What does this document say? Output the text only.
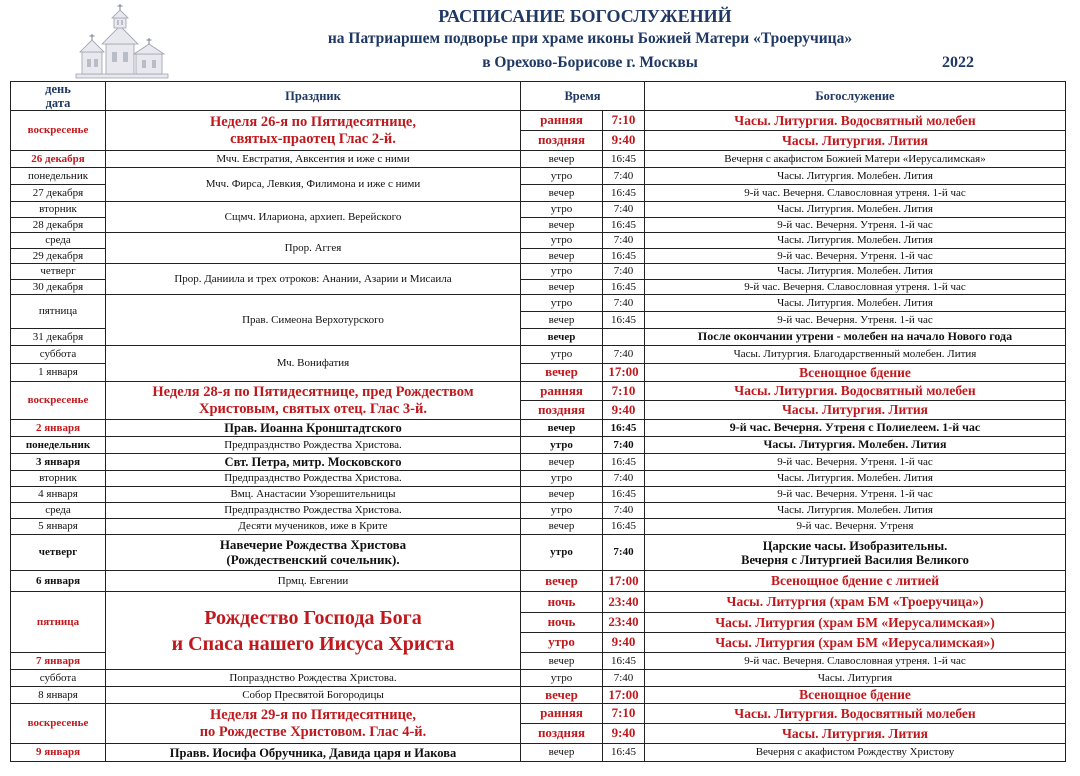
РАСПИСАНИЕ БОГОСЛУЖЕНИЙ
на Патриаршем подворье при храме иконы Божией Матери «Троеручица»
в Орехово-Борисове г. Москвы	2022
день
дата	Праздник	Время		Богослужение
воскресенье	Неделя 26-я по Пятидесятнице,
святых-праотец Глас 2-й.	ранняя	7:10	Часы. Литургия. Водосвятный молебен
		поздняя	9:40	Часы. Литургия. Лития
26 декабря	Мчч. Евстратия, Авксентия и иже с ними	вечер	16:45	Вечерня с акафистом Божией Матери «Иерусалимская»
понедельник	Мчч. Фирса, Левкия, Филимона и иже с ними	утро	7:40	Часы. Литургия. Молебен. Лития
27 декабря		вечер	16:45	9-й час. Вечерня. Славословная утреня. 1-й час
вторник	Сщмч. Илариона, архиеп. Верейского	утро	7:40	Часы. Литургия. Молебен. Лития
28 декабря		вечер	16:45	9-й час. Вечерня. Утреня. 1-й час
среда	Прор. Аггея	утро	7:40	Часы. Литургия. Молебен. Лития
29 декабря		вечер	16:45	9-й час. Вечерня. Утреня. 1-й час
четверг	Прор. Даниила и трех отроков: Анании, Азарии и Мисаила	утро	7:40	Часы. Литургия. Молебен. Лития
30 декабря		вечер	16:45	9-й час. Вечерня. Славословная утреня. 1-й час
пятница	Прав. Симеона Верхотурского	утро	7:40	Часы. Литургия. Молебен. Лития
		вечер	16:45	9-й час. Вечерня. Утреня. 1-й час
31 декабря		вечер		После окончании утрени - молебен на начало Нового года
суббота	Мч. Вонифатия	утро	7:40	Часы. Литургия. Благодарственный молебен. Лития
1 января		вечер	17:00	Всенощное бдение
воскресенье	Неделя 28-я по Пятидесятнице, пред Рождеством
Христовым, святых отец. Глас 3-й.	ранняя	7:10	Часы. Литургия. Водосвятный молебен
		поздняя	9:40	Часы. Литургия. Лития
2 января	Прав. Иоанна Кронштадтского	вечер	16:45	9-й час. Вечерня. Утреня с Полиелеем. 1-й час
понедельник	Предпразднство Рождества Христова.	утро	7:40	Часы. Литургия. Молебен. Лития
3 января	Свт. Петра, митр. Московского	вечер	16:45	9-й час. Вечерня. Утреня. 1-й час
вторник	Предпразднство Рождества Христова.	утро	7:40	Часы. Литургия. Молебен. Лития
4 января	Вмц. Анастасии Узорешительницы	вечер	16:45	9-й час. Вечерня. Утреня. 1-й час
среда	Предпразднство Рождества Христова.	утро	7:40	Часы. Литургия. Молебен. Лития
5 января	Десяти мучеников, иже в Крите	вечер	16:45	9-й час. Вечерня. Утреня
четверг	Навечерие Рождества Христова
(Рождественский сочельник).	утро	7:40	Царские часы. Изобразительны.
Вечерня с Литургией Василия Великого

6 января	Прмц. Евгении	вечер	17:00	Всенощное бдение с литией
пятница	Рождество Господа Бога
и Спаса нашего Иисуса Христа	ночь	23:40	Часы. Литургия (храм БМ «Троеручица»)
		ночь	23:40	Часы. Литургия (храм БМ «Иерусалимская»)
		утро	9:40	Часы. Литургия (храм БМ «Иерусалимская»)
7 января		вечер	16:45	9-й час. Вечерня. Славословная утреня. 1-й час
суббота	Попразднство Рождества Христова.	утро	7:40	Часы. Литургия
8 января	Собор Пресвятой Богородицы	вечер	17:00	Всенощное бдение
воскресенье	Неделя 29-я по Пятидесятнице,
по Рождестве Христовом. Глас 4-й.	ранняя	7:10	Часы. Литургия. Водосвятный молебен
		поздняя	9:40	Часы. Литургия. Лития
9 января	Правв. Иосифа Обручника, Давида царя и Иакова	вечер	16:45	Вечерня с акафистом Рождеству Христову
